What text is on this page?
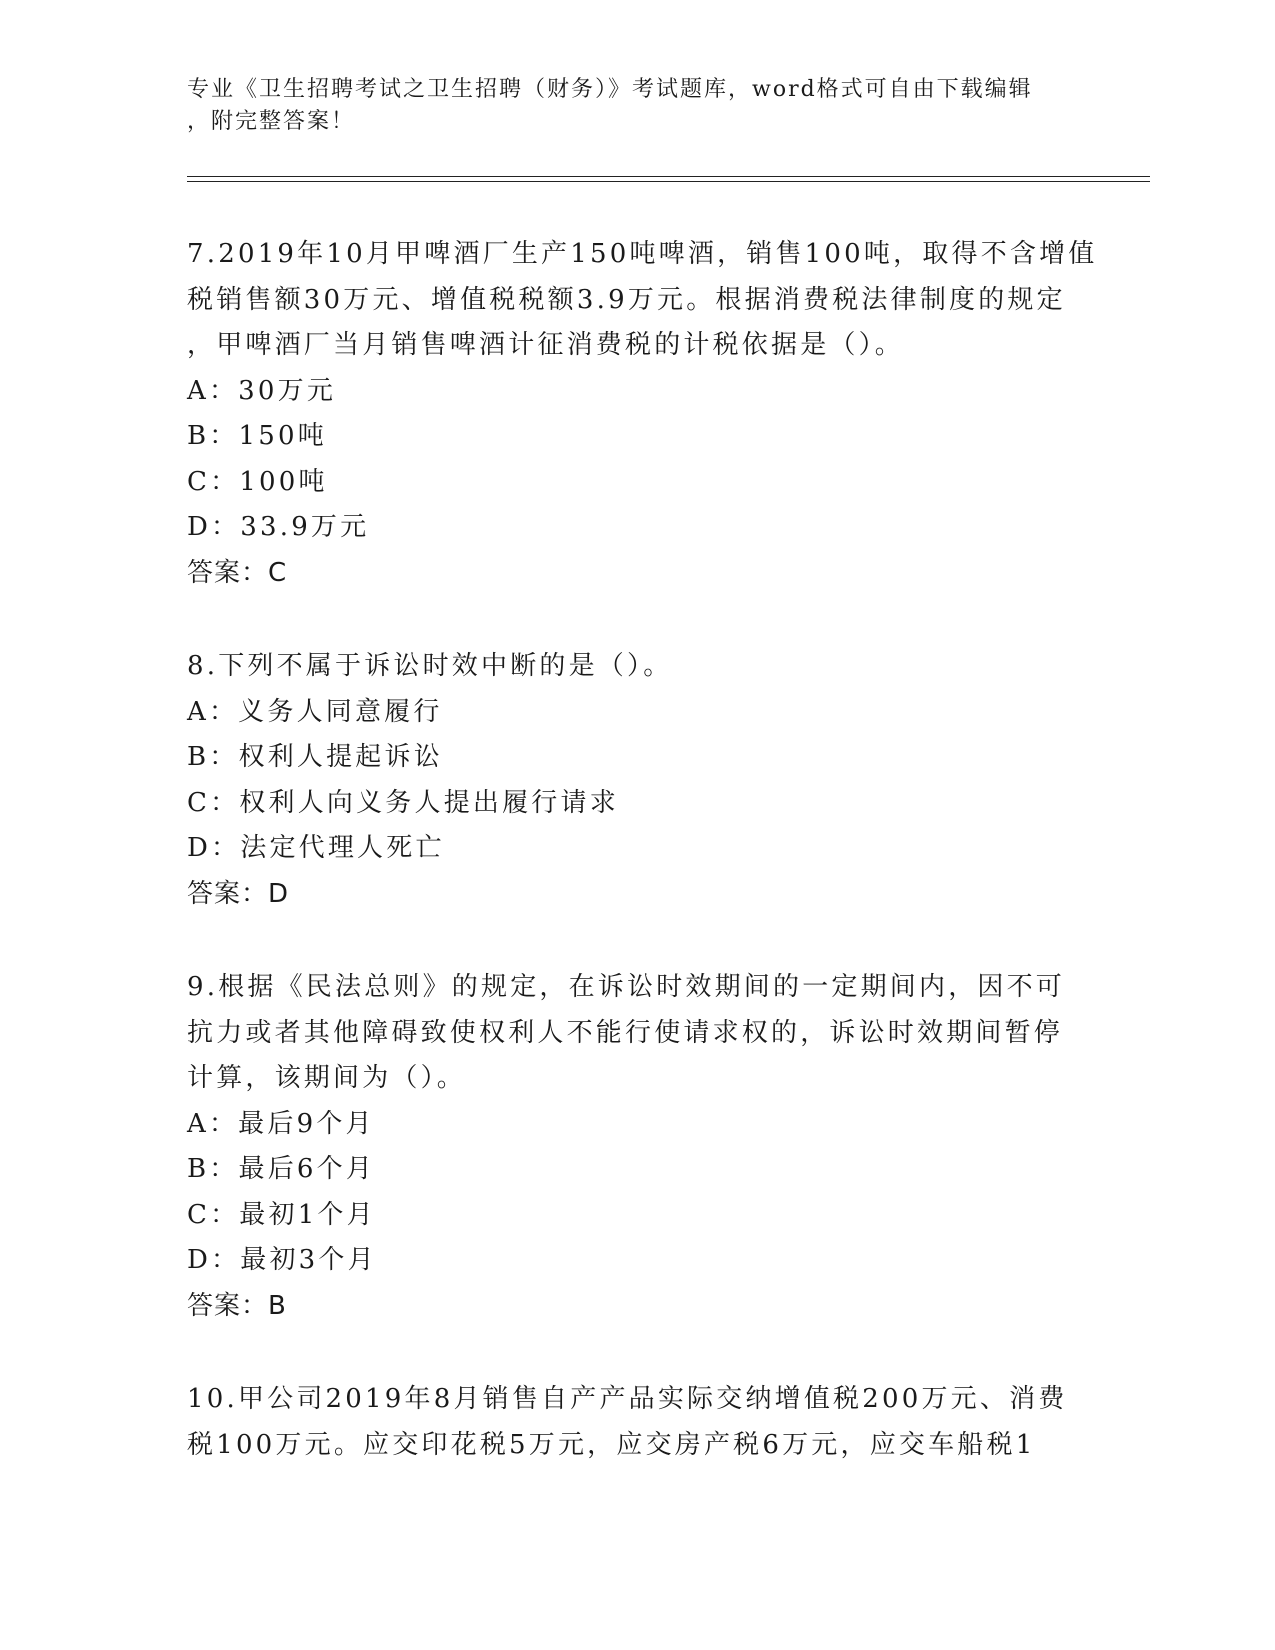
专业《卫生招聘考试之卫生招聘（财务）》考试题库，word格式可自由下载编辑
，附完整答案！
7.2019年10月甲啤酒厂生产150吨啤酒，销售100吨，取得不含增值
税销售额30万元、增值税税额3.9万元。根据消费税法律制度的规定
，甲啤酒厂当月销售啤酒计征消费税的计税依据是（）。
A：30万元
B：150吨
C：100吨
D：33.9万元
答案：C
8.下列不属于诉讼时效中断的是（）。
A：义务人同意履行
B：权利人提起诉讼
C：权利人向义务人提出履行请求
D：法定代理人死亡
答案：D
9.根据《民法总则》的规定，在诉讼时效期间的一定期间内，因不可
抗力或者其他障碍致使权利人不能行使请求权的，诉讼时效期间暂停
计算，该期间为（）。
A：最后9个月
B：最后6个月
C：最初1个月
D：最初3个月
答案：B
10.甲公司2019年8月销售自产产品实际交纳增值税200万元、消费
税100万元。应交印花税5万元，应交房产税6万元，应交车船税1
